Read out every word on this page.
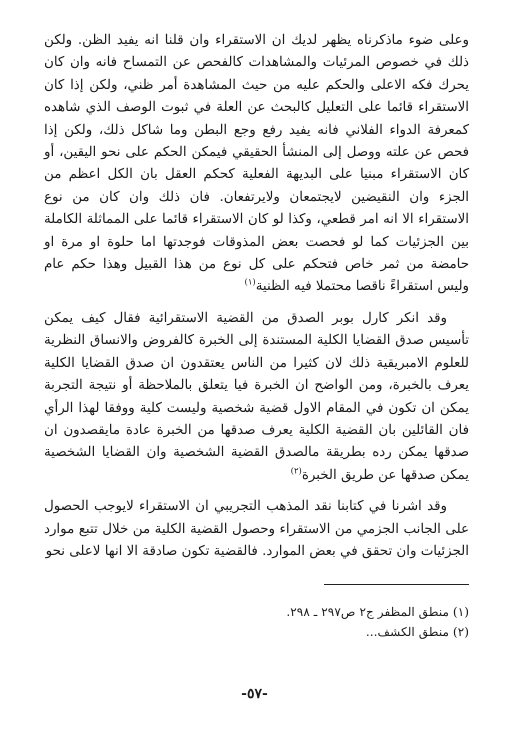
وعلى ضوء ماذكرناه يظهر لديك ان الاستقراء وان قلنا انه يفيد الظن. ولكن ذلك في خصوص المرئيات والمشاهدات كالفحص عن التمساح فانه وان كان يحرك فكه الاعلى والحكم عليه من حيث المشاهدة أمر ظني، ولكن إذا كان الاستقراء قائما على التعليل كالبحث عن العلة في ثبوت الوصف الذي شاهده كمعرفة الدواء الفلاني فانه يفيد رفع وجع البطن وما شاكل ذلك، ولكن إذا فحص عن علته ووصل إلى المنشأ الحقيقي فيمكن الحكم على نحو اليقين، أو كان الاستقراء مبنيا على البديهة الفعلية كحكم العقل بان الكل اعظم من الجزء وان النقيضين لايجتمعان ولايرتفعان. فان ذلك وان كان من نوع الاستقراء الا انه امر قطعي، وكذا لو كان الاستقراء قائما على المماثلة الكاملة بين الجزئيات كما لو فحصت بعض المذوقات فوجدتها اما حلوة او مرة او حامضة من ثمر خاص فتحكم على كل نوع من هذا القبيل وهذا حكم عام وليس استقراءً ناقصا محتملا فيه الظنية$^{(١)}$

وقد انكر كارل بوبر الصدق من القضية الاستقرائية فقال كيف يمكن تأسيس صدق القضايا الكلية المستندة إلى الخبرة كالفروض والانساق النظرية للعلوم الامبريقية ذلك لان كثيرا من الناس يعتقدون ان صدق القضايا الكلية يعرف بالخبرة، ومن الواضح ان الخبرة فيا يتعلق بالملاحظة أو نتيجة التجربة يمكن ان تكون في المقام الاول قضية شخصية وليست كلية ووفقا لهذا الرأي فان القائلين بان القضية الكلية يعرف صدقها من الخبرة عادة مايقصدون ان صدقها يمكن رده بطريقة مالصدق القضية الشخصية وان القضايا الشخصية يمكن صدقها عن طريق الخبرة$^{(٢)}$

وقد اشرنا في كتابنا نقد المذهب التجريبي ان الاستقراء لايوجب الحصول على الجانب الجزمي من الاستقراء وحصول القضية الكلية من خلال تتبع موارد الجزئيات وان تحقق في بعض الموارد. فالقضية تكون صادقة الا انها لاعلى نحو

(١) منطق المظفر ج٢ ص٢٩٧ ـ ٢٩٨.
(٢) منطق الكشف...
-٥٧-
